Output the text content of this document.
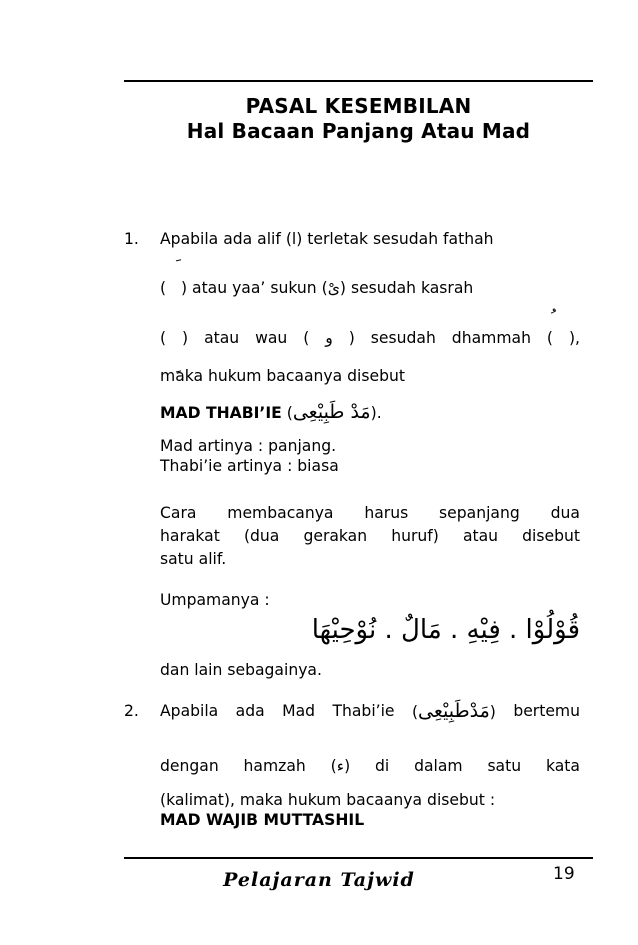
PASAL KESEMBILAN
Hal Bacaan Panjang Atau Mad
1. Apabila ada alif (ا) terletak sesudah fathah
( ) atau yaa’ sukun (ىْ) sesudah kasrah
( ) atau wau ( و ) sesudah dhammah ( ),
maka hukum bacaanya disebut
MAD THABI’IE (مَدْ طَبِيْعِى).
Mad artinya : panjang.
Thabi’ie artinya : biasa
Cara membacanya harus sepanjang dua
harakat (dua gerakan huruf) atau disebut
satu alif.
Umpamanya :
قُوْلُوْا . فِيْهِ . مَالٌ . نُوْحِيْهَا
dan lain sebagainya.
2. Apabila ada Mad Thabi’ie (مَدْطَبِيْعِى) bertemu
dengan hamzah (ء) di dalam satu kata
(kalimat), maka hukum bacaanya disebut :
MAD WAJIB MUTTASHIL
Pelajaran Tajwid	19
